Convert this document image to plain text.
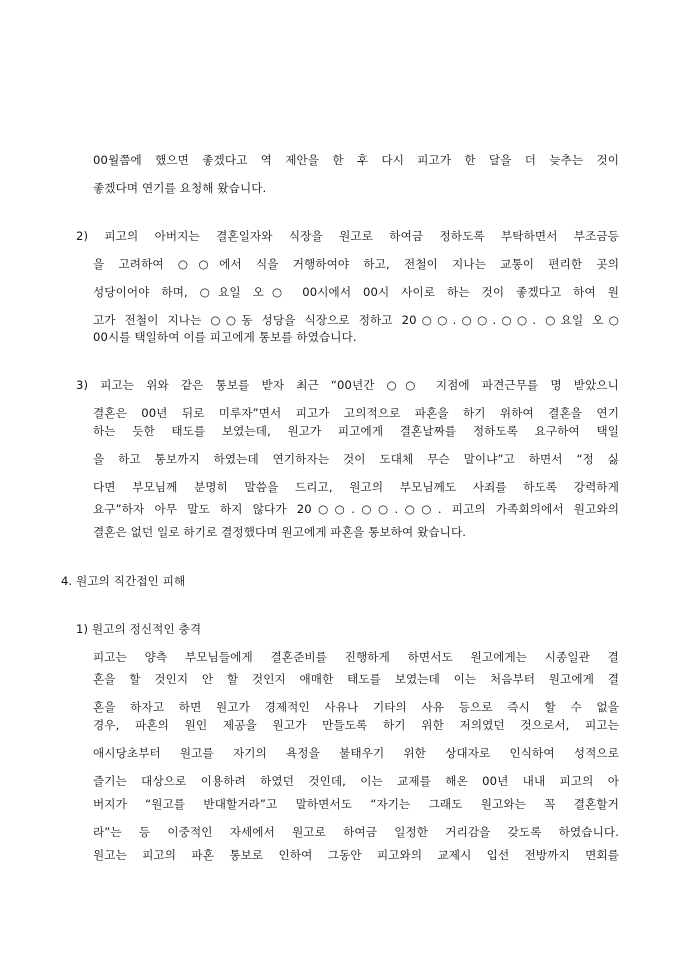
00월쯤에 했으면 좋겠다고 역 제안을 한 후 다시 피고가 한 달을 더 늦추는 것이
좋겠다며 연기를 요청해 왔습니다.
2) 피고의 아버지는 결혼일자와 식장을 원고로 하여금 정하도록 부탁하면서 부조금등
을 고려하여 ○○에서 식을 거행하여야 하고, 전철이 지나는 교통이 편리한 곳의
성당이어야 하며, ○요일 오○ 00시에서 00시 사이로 하는 것이 좋겠다고 하여 원
고가 전철이 지나는 ○○동 성당을 식장으로 정하고 20○○.○○.○○. ○요일 오○
00시를 택일하여 이를 피고에게 통보를 하였습니다.
3) 피고는 위와 같은 통보를 받자 최근 “00년간 ○○ 지점에 파견근무를 명 받았으니
결혼은 00년 뒤로 미루자”면서 피고가 고의적으로 파혼을 하기 위하여 결혼을 연기
하는 듯한 태도를 보였는데, 원고가 피고에게 결혼날짜를 정하도록 요구하여 택일
을 하고 통보까지 하였는데 연기하자는 것이 도대체 무슨 말이냐”고 하면서 “정 싫
다면 부모님께 분명히 말씀을 드리고, 원고의 부모님께도 사죄를 하도록 강력하게
요구”하자 아무 말도 하지 않다가 20○○.○○.○○. 피고의 가족회의에서 원고와의
결혼은 없던 일로 하기로 결정했다며 원고에게 파혼을 통보하여 왔습니다.
4. 원고의 직간접인 피해
1) 원고의 정신적인 충격
피고는 양측 부모님들에게 결혼준비를 진행하게 하면서도 원고에게는 시종일관 결
혼을 할 것인지 안 할 것인지 애매한 태도를 보였는데 이는 처음부터 원고에게 결
혼을 하자고 하면 원고가 경제적인 사유나 기타의 사유 등으로 즉시 할 수 없을
경우, 파혼의 원인 제공을 원고가 만들도록 하기 위한 저의였던 것으로서, 피고는
애시당초부터 원고를 자기의 욕정을 불태우기 위한 상대자로 인식하여 성적으로
즐기는 대상으로 이용하려 하였던 것인데, 이는 교제를 해온 00년 내내 피고의 아
버지가 “원고를 반대할거라”고 말하면서도 “자기는 그래도 원고와는 꼭 결혼할거
라”는 등 이중적인 자세에서 원고로 하여금 일정한 거리감을 갖도록 하였습니다.
원고는 피고의 파혼 통보로 인하여 그동안 피고와의 교제시 입선 전방까지 면회를
